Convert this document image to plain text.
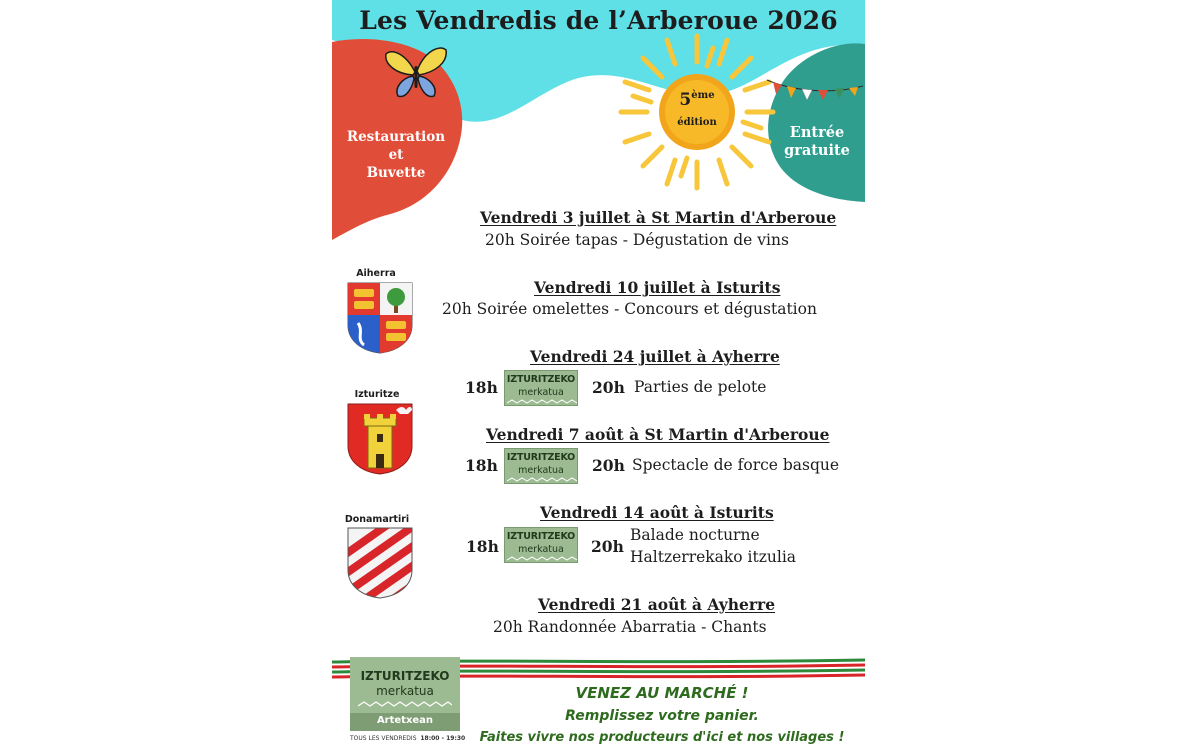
5ème
édition
Les Vendredis de l’Arberoue 2026
Restauration
et
Buvette
Entrée
gratuite
Vendredi 3 juillet à St Martin d'Arberoue
20h Soirée tapas - Dégustation de vins
Vendredi 10 juillet à Isturits
20h Soirée omelettes - Concours et dégustation
Vendredi 24 juillet à Ayherre
18h IZTURITZEKO
merkatua	20h Parties de pelote
Vendredi 7 août à St Martin d'Arberoue
18h IZTURITZEKO
merkatua	20h Spectacle de force basque
Vendredi 14 août à Isturits
18h
IZTURITZEKO
merkatua	20h
Balade nocturne
Haltzerrekako itzulia
Vendredi 21 août à Ayherre
20h Randonnée Abarratia - Chants
Aiherra
Izturitze
Donamartiri
IZTURITZEKO
merkatua
Artetxean
TOUS LES VENDREDIS 18:00 - 19:30
VENEZ AU MARCHÉ !
Remplissez votre panier.
Faites vivre nos producteurs d'ici et nos villages !
